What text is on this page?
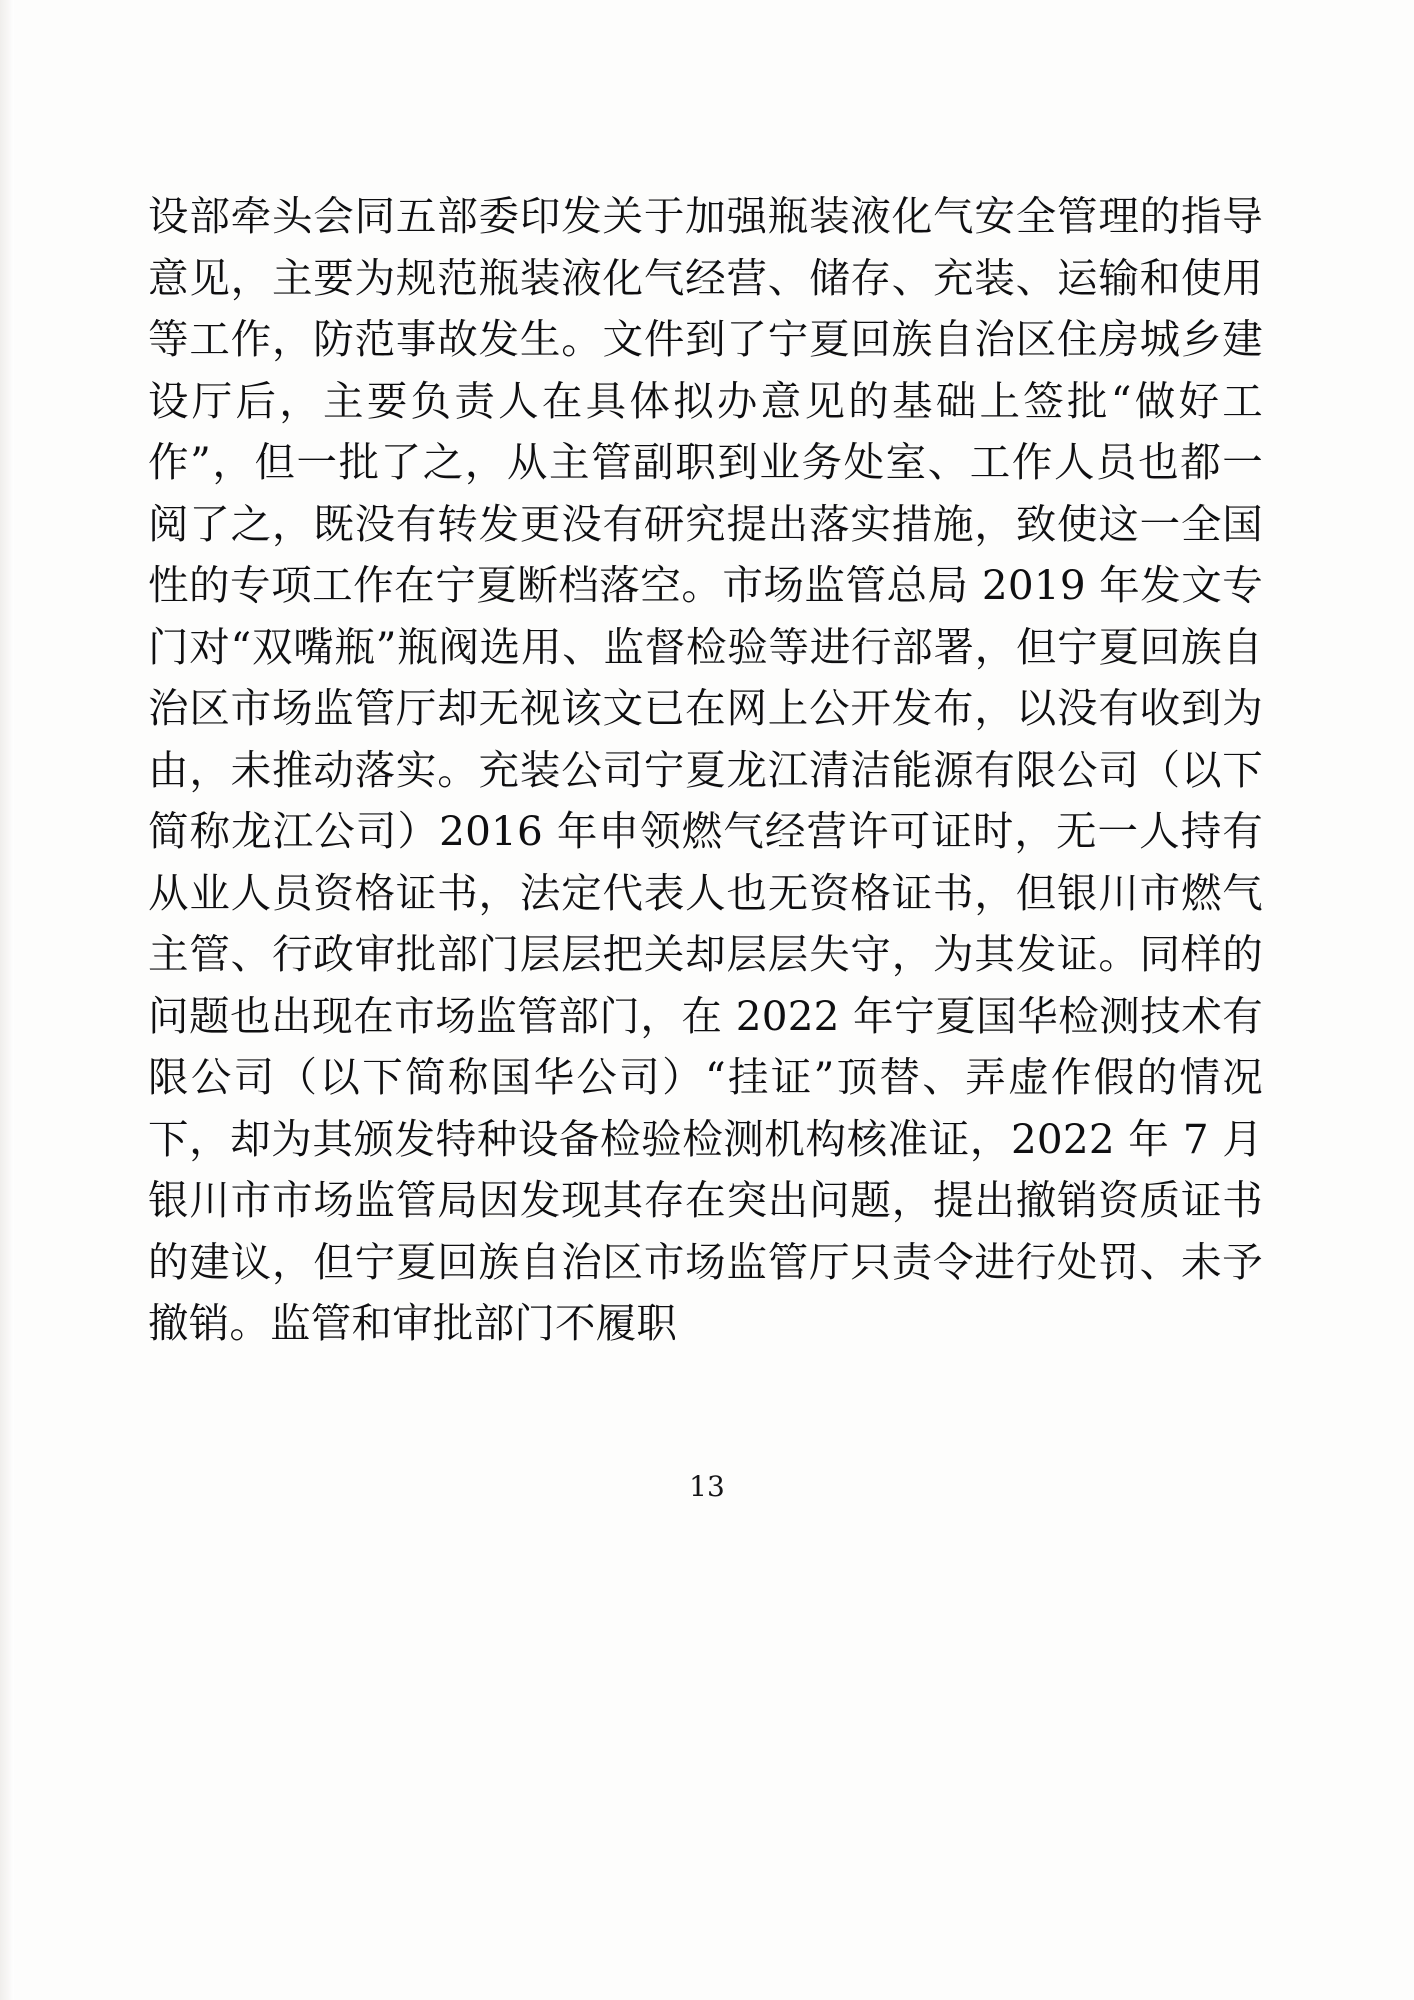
设部牵头会同五部委印发关于加强瓶装液化气安全管理的指导意见，主要为规范瓶装液化气经营、储存、充装、运输和使用等工作，防范事故发生。文件到了宁夏回族自治区住房城乡建设厅后，主要负责人在具体拟办意见的基础上签批“做好工作”，但一批了之，从主管副职到业务处室、工作人员也都一阅了之，既没有转发更没有研究提出落实措施，致使这一全国性的专项工作在宁夏断档落空。市场监管总局 2019 年发文专门对“双嘴瓶”瓶阀选用、监督检验等进行部署，但宁夏回族自治区市场监管厅却无视该文已在网上公开发布，以没有收到为由，未推动落实。充装公司宁夏龙江清洁能源有限公司（以下简称龙江公司）2016 年申领燃气经营许可证时，无一人持有从业人员资格证书，法定代表人也无资格证书，但银川市燃气主管、行政审批部门层层把关却层层失守，为其发证。同样的问题也出现在市场监管部门，在 2022 年宁夏国华检测技术有限公司（以下简称国华公司）“挂证”顶替、弄虚作假的情况下，却为其颁发特种设备检验检测机构核准证，2022 年 7 月银川市市场监管局因发现其存在突出问题，提出撤销资质证书的建议，但宁夏回族自治区市场监管厅只责令进行处罚、未予撤销。监管和审批部门不履职
13
